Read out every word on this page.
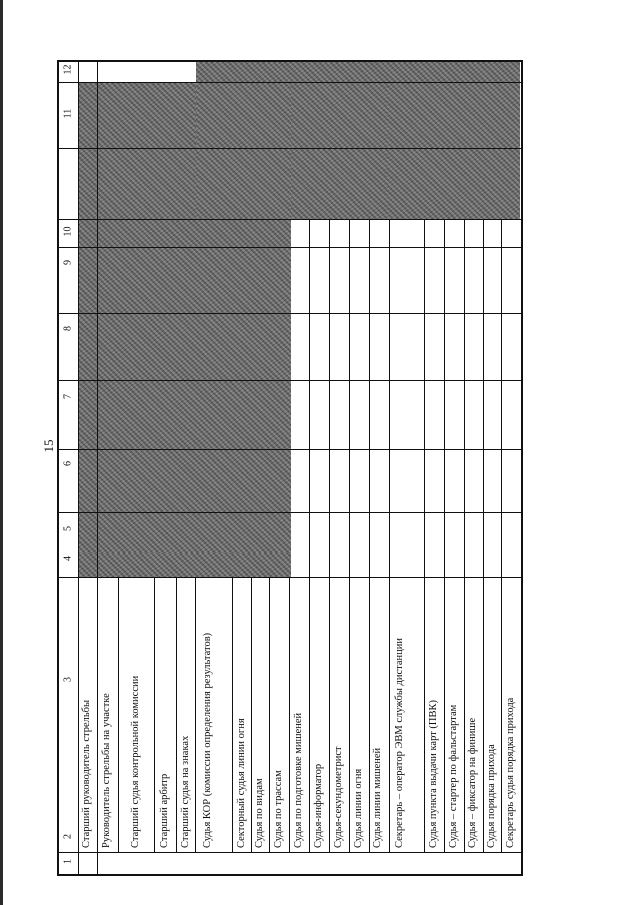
15
1
2
3
4
5
6
7
8
9
10
11
12
Старший руководитель стрельбы Руководитель стрельбы на участке Старший судья контрольной комиссии Старший арбитр Старший судья на знаках Судья КОР (комиссии определения результатов) Секторный судья линии огня Судья по видам Судья по трассам Судья по подготовке мишеней Судья-информатор Судья-секундометрист Судья линии огня Судья линии мишеней Секретарь – оператор ЭВМ службы дистанции Судья пункта выдачи карт (ПВК) Судья – стартер по фальстартам Судья – фиксатор на финише Судья порядка прихода Секретарь судья порядка прихода
